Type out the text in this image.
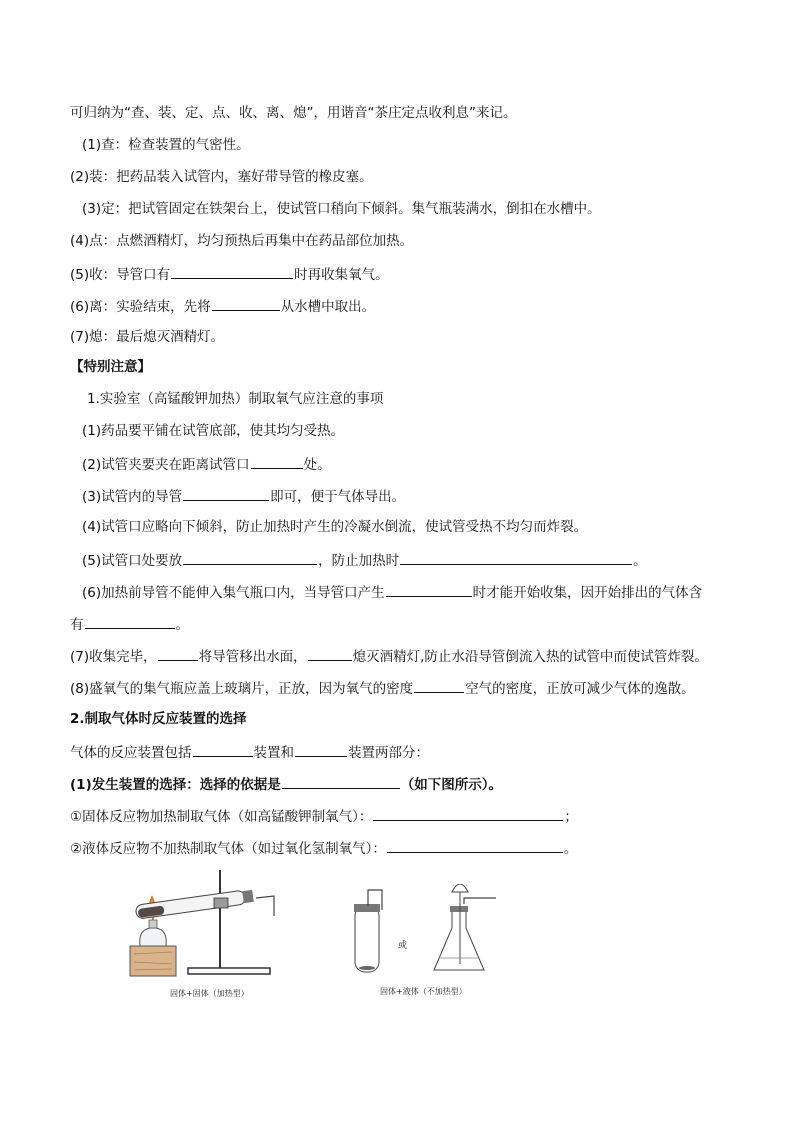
可归纳为“查、装、定、点、收、离、熄”，用谐音“茶庄定点收利息”来记。
(1)查：检查装置的气密性。
(2)装：把药品装入试管内，塞好带导管的橡皮塞。
(3)定：把试管固定在铁架台上，使试管口稍向下倾斜。集气瓶装满水，倒扣在水槽中。
(4)点：点燃酒精灯，均匀预热后再集中在药品部位加热。
(5)收：导管口有	时再收集氧气。
(6)离：实验结束，先将	从水槽中取出。
(7)熄：最后熄灭酒精灯。
【特别注意】
1.实验室（高锰酸钾加热）制取氧气应注意的事项
(1)药品要平铺在试管底部，使其均匀受热。
(2)试管夹要夹在距离试管口	处。
(3)试管内的导管	即可，便于气体导出。
(4)试管口应略向下倾斜，防止加热时产生的冷凝水倒流，使试管受热不均匀而炸裂。
(5)试管口处要放	，防止加热时	。
(6)加热前导管不能伸入集气瓶口内，当导管口产生	时才能开始收集，因开始排出的气体含
有	。
(7)收集完毕，	将导管移出水面，	熄灭酒精灯,防止水沿导管倒流入热的试管中而使试管炸裂。
(8)盛氧气的集气瓶应盖上玻璃片，正放，因为氧气的密度	空气的密度，正放可减少气体的逸散。
2.制取气体时反应装置的选择
气体的反应装置包括	装置和	装置两部分：
(1)发生装置的选择：选择的依据是	（如下图所示）。
①固体反应物加热制取气体（如高锰酸钾制氧气）：	；
②液体反应物不加热制取气体（如过氧化氢制氧气）：	。
固体+固体（加热型）
或
固体+液体（不加热型）
